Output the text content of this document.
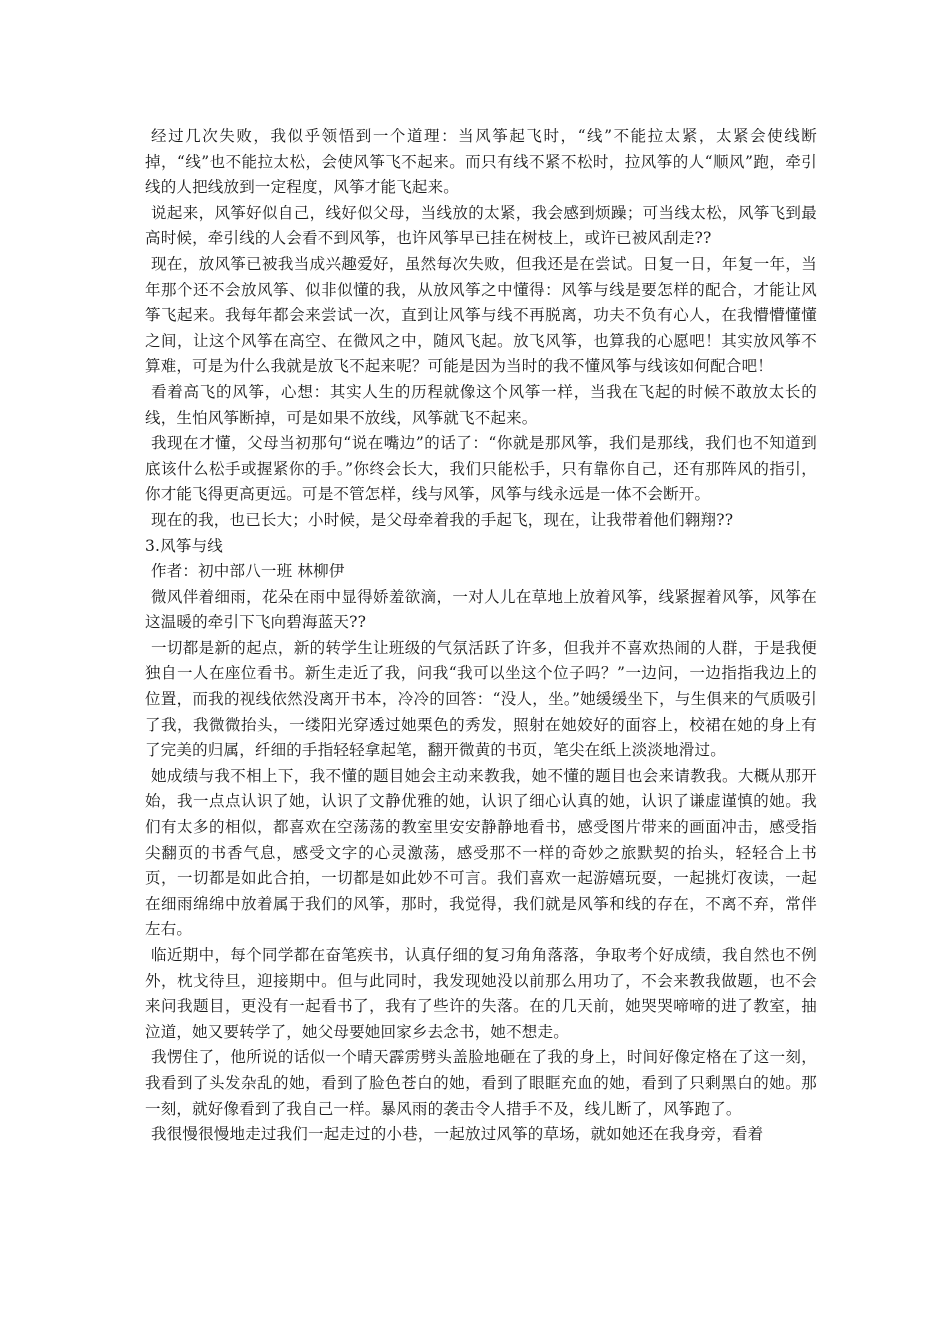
经过几次失败，我似乎领悟到一个道理：当风筝起飞时，“线”不能拉太紧，太紧会使线断掉，“线”也不能拉太松，会使风筝飞不起来。而只有线不紧不松时，拉风筝的人“顺风”跑，牵引线的人把线放到一定程度，风筝才能飞起来。

说起来，风筝好似自己，线好似父母，当线放的太紧，我会感到烦躁；可当线太松，风筝飞到最高时候，牵引线的人会看不到风筝，也许风筝早已挂在树枝上，或许已被风刮走??

现在，放风筝已被我当成兴趣爱好，虽然每次失败，但我还是在尝试。日复一日，年复一年，当年那个还不会放风筝、似非似懂的我，从放风筝之中懂得：风筝与线是要怎样的配合，才能让风筝飞起来。我每年都会来尝试一次，直到让风筝与线不再脱离，功夫不负有心人，在我懵懵懂懂之间，让这个风筝在高空、在微风之中，随风飞起。放飞风筝，也算我的心愿吧！其实放风筝不算难，可是为什么我就是放飞不起来呢？可能是因为当时的我不懂风筝与线该如何配合吧！

看着高飞的风筝，心想：其实人生的历程就像这个风筝一样，当我在飞起的时候不敢放太长的线，生怕风筝断掉，可是如果不放线，风筝就飞不起来。

我现在才懂，父母当初那句“说在嘴边”的话了：“你就是那风筝，我们是那线，我们也不知道到底该什么松手或握紧你的手。”你终会长大，我们只能松手，只有靠你自己，还有那阵风的指引，你才能飞得更高更远。可是不管怎样，线与风筝，风筝与线永远是一体不会断开。

现在的我，也已长大；小时候，是父母牵着我的手起飞，现在，让我带着他们翱翔??

3.风筝与线

作者：初中部八一班 林柳伊

微风伴着细雨，花朵在雨中显得娇羞欲滴，一对人儿在草地上放着风筝，线紧握着风筝，风筝在这温暖的牵引下飞向碧海蓝天??

一切都是新的起点，新的转学生让班级的气氛活跃了许多，但我并不喜欢热闹的人群，于是我便独自一人在座位看书。新生走近了我，问我“我可以坐这个位子吗？”一边问，一边指指我边上的位置，而我的视线依然没离开书本，冷冷的回答：“没人，坐。”她缓缓坐下，与生俱来的气质吸引了我，我微微抬头，一缕阳光穿透过她栗色的秀发，照射在她姣好的面容上，校裙在她的身上有了完美的归属，纤细的手指轻轻拿起笔，翻开微黄的书页，笔尖在纸上淡淡地滑过。

她成绩与我不相上下，我不懂的题目她会主动来教我，她不懂的题目也会来请教我。大概从那开始，我一点点认识了她，认识了文静优雅的她，认识了细心认真的她，认识了谦虚谨慎的她。我们有太多的相似，都喜欢在空荡荡的教室里安安静静地看书，感受图片带来的画面冲击，感受指尖翻页的书香气息，感受文字的心灵激荡，感受那不一样的奇妙之旅默契的抬头，轻轻合上书页，一切都是如此合拍，一切都是如此妙不可言。我们喜欢一起游嬉玩耍，一起挑灯夜读，一起在细雨绵绵中放着属于我们的风筝，那时，我觉得，我们就是风筝和线的存在，不离不弃，常伴左右。

临近期中，每个同学都在奋笔疾书，认真仔细的复习角角落落，争取考个好成绩，我自然也不例外，枕戈待旦，迎接期中。但与此同时，我发现她没以前那么用功了，不会来教我做题，也不会来问我题目，更没有一起看书了，我有了些许的失落。在的几天前，她哭哭啼啼的进了教室，抽泣道，她又要转学了，她父母要她回家乡去念书，她不想走。

我愣住了，他所说的话似一个晴天霹雳劈头盖脸地砸在了我的身上，时间好像定格在了这一刻，我看到了头发杂乱的她，看到了脸色苍白的她，看到了眼眶充血的她，看到了只剩黑白的她。那一刻，就好像看到了我自己一样。暴风雨的袭击令人措手不及，线儿断了，风筝跑了。

我很慢很慢地走过我们一起走过的小巷，一起放过风筝的草场，就如她还在我身旁，看着
